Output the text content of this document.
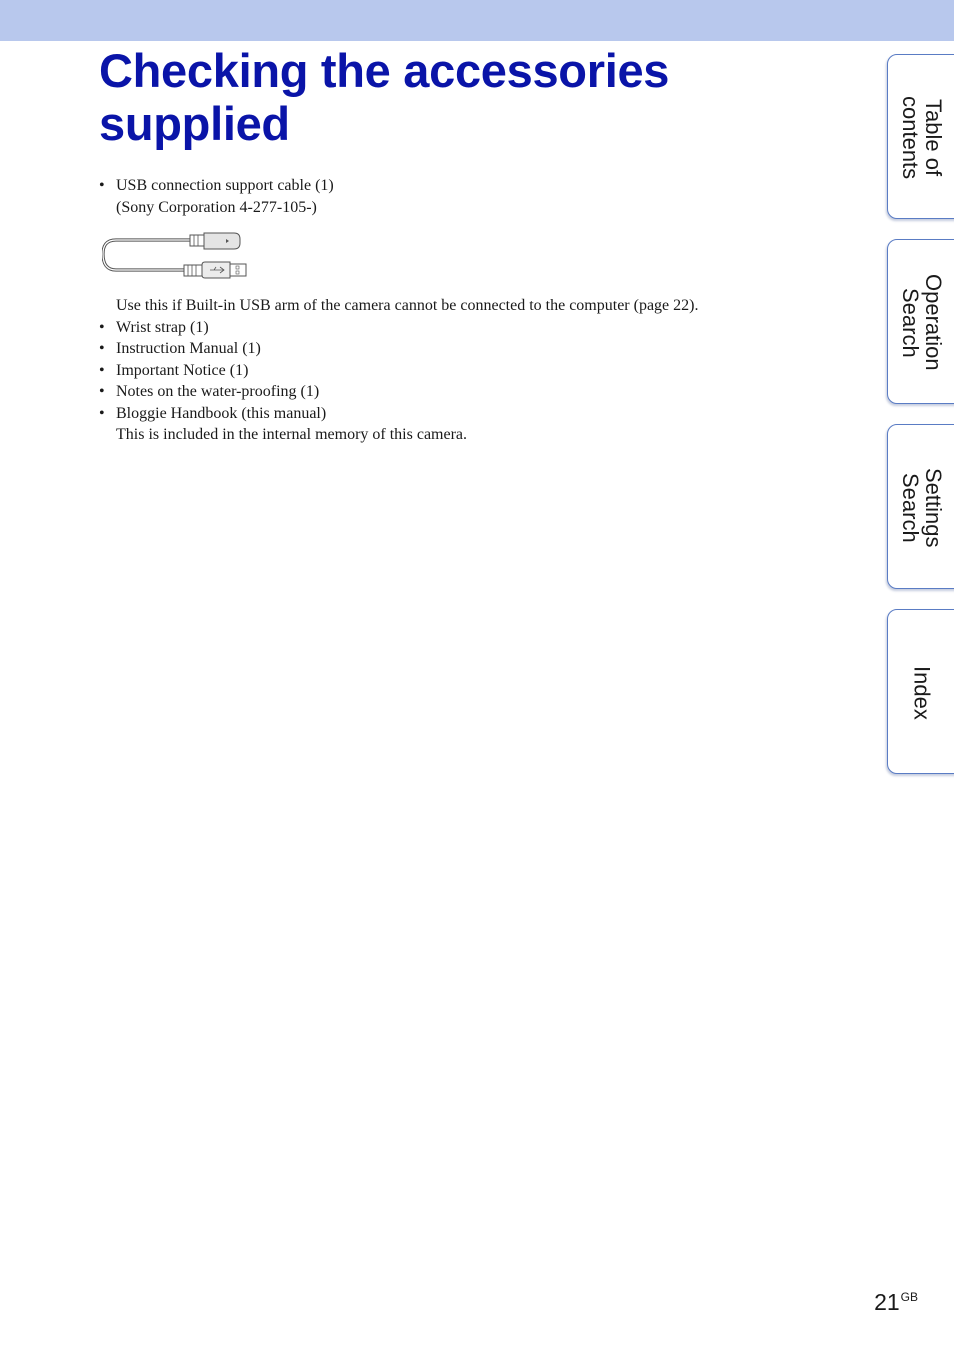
Checking the accessories supplied
• USB connection support cable (1)
(Sony Corporation 4-277-105-)
Use this if Built-in USB arm of the camera cannot be connected to the computer (page 22).
• Wrist strap (1)
• Instruction Manual (1)
• Important Notice (1)
• Notes on the water-proofing (1)
• Bloggie Handbook (this manual)
This is included in the internal memory of this camera.
Table of
contents
Operation
Search
Settings
Search
Index
$21^{GB}$
